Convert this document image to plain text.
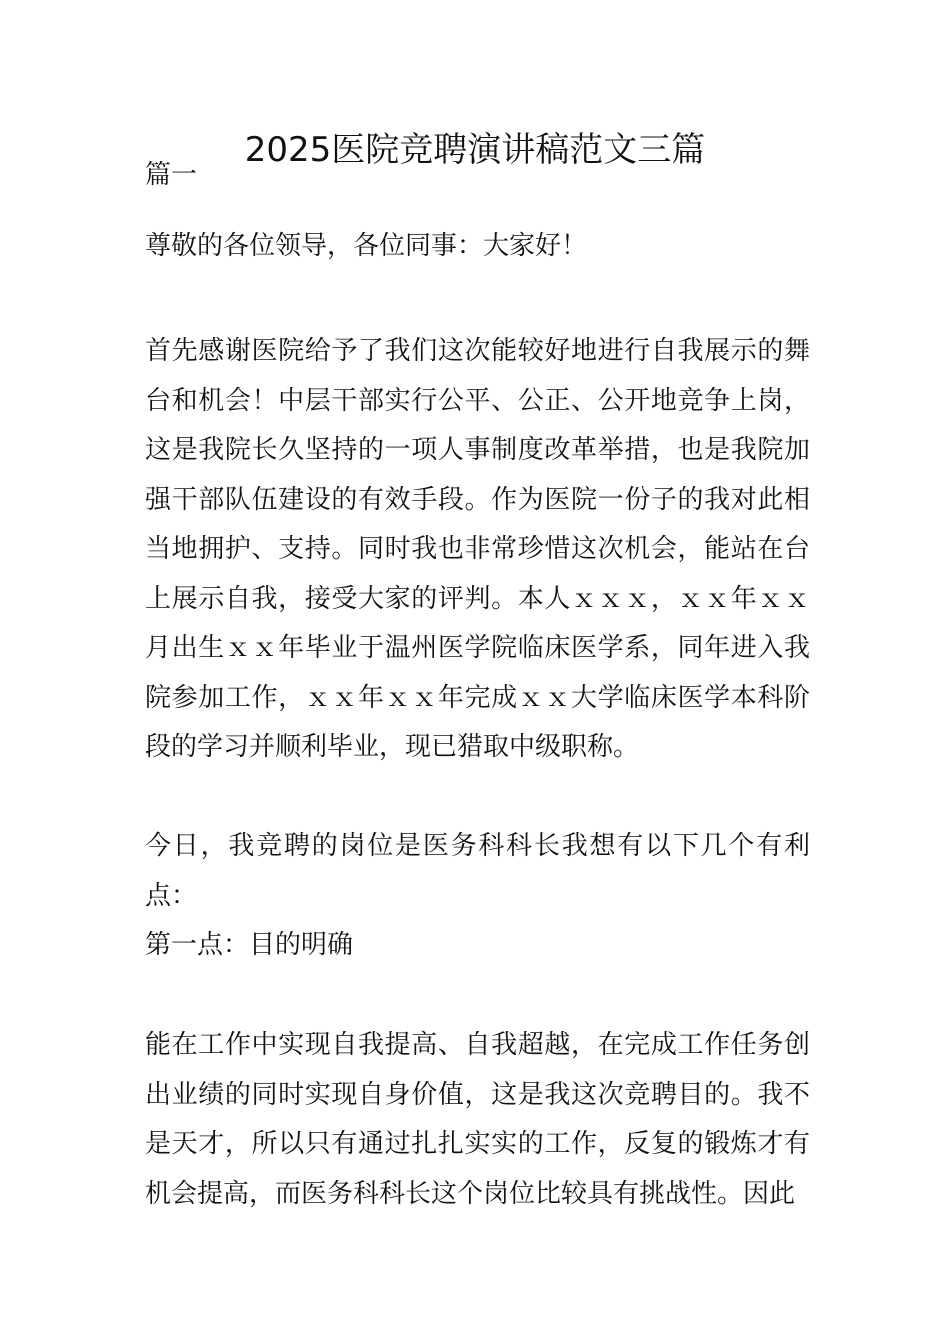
2025医院竞聘演讲稿范文三篇

篇一

尊敬的各位领导，各位同事：大家好！

首先感谢医院给予了我们这次能较好地进行自我展示的舞台和机会！中层干部实行公平、公正、公开地竞争上岗，这是我院长久坚持的一项人事制度改革举措，也是我院加强干部队伍建设的有效手段。作为医院一份子的我对此相当地拥护、支持。同时我也非常珍惜这次机会，能站在台上展示自我，接受大家的评判。本人ｘｘｘ，ｘｘ年ｘｘ月出生ｘｘ年毕业于温州医学院临床医学系，同年进入我院参加工作，ｘｘ年ｘｘ年完成ｘｘ大学临床医学本科阶段的学习并顺利毕业，现已猎取中级职称。

今日，我竞聘的岗位是医务科科长我想有以下几个有利点：

第一点：目的明确

能在工作中实现自我提高、自我超越，在完成工作任务创出业绩的同时实现自身价值，这是我这次竞聘目的。我不是天才，所以只有通过扎扎实实的工作，反复的锻炼才有机会提高，而医务科科长这个岗位比较具有挑战性。因此
